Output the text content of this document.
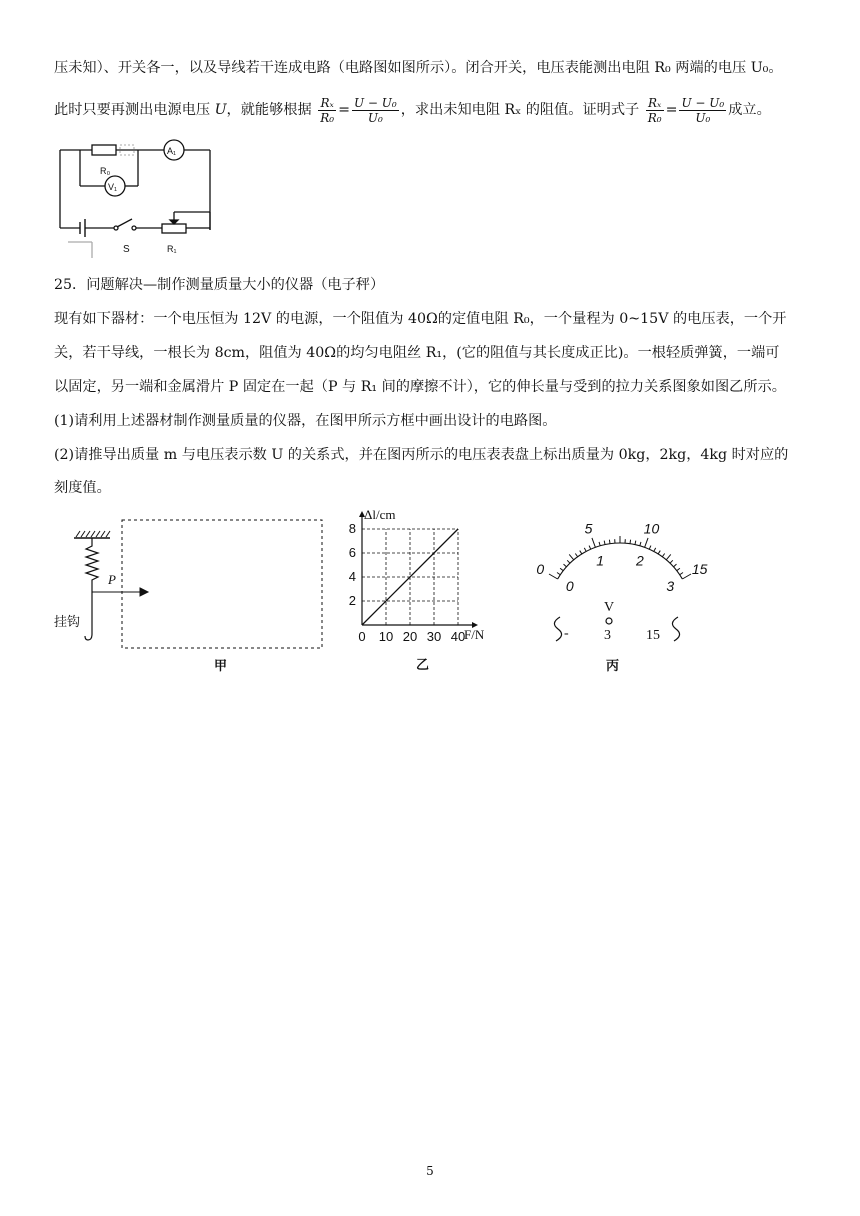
压未知）、开关各一，以及导线若干连成电路（电路图如图所示）。闭合开关，电压表能测出电阻 R₀ 两端的电压 U₀。
此时只要再测出电源电压 U，就能够根据 $\frac{\text{Rₓ}}{\text{R₀}} = \frac{\text{U − U₀}}{\text{U₀}}$ ，求出未知电阻 Rₓ 的阻值。证明式子 $\frac{\text{Rₓ}}{\text{R₀}} = \frac{\text{U − U₀}}{\text{U₀}}$ 成立。
R₀
A₁
V₁
S	R₁
25．问题解决—制作测量质量大小的仪器（电子秤）
现有如下器材：一个电压恒为 12V 的电源，一个阻值为 40Ω的定值电阻 R₀，一个量程为 0~15V 的电压表，一个开
关，若干导线，一根长为 8cm，阻值为 40Ω的均匀电阻丝 R₁，(它的阻值与其长度成正比)。一根轻质弹簧，一端可
以固定，另一端和金属滑片 P 固定在一起（P 与 R₁ 间的摩擦不计），它的伸长量与受到的拉力关系图象如图乙所示。
(1)请利用上述器材制作测量质量的仪器，在图甲所示方框中画出设计的电路图。
(2)请推导出质量 m 与电压表示数 U 的关系式，并在图丙所示的电压表表盘上标出质量为 0kg，2kg，4kg 时对应的
刻度值。
挂钩
P
甲
0 10 20 30 40
2
4
6
8
Δl/cm
F/N
乙
0
5	10
15
0
1 2
3
V
-	3	15
丙
5
